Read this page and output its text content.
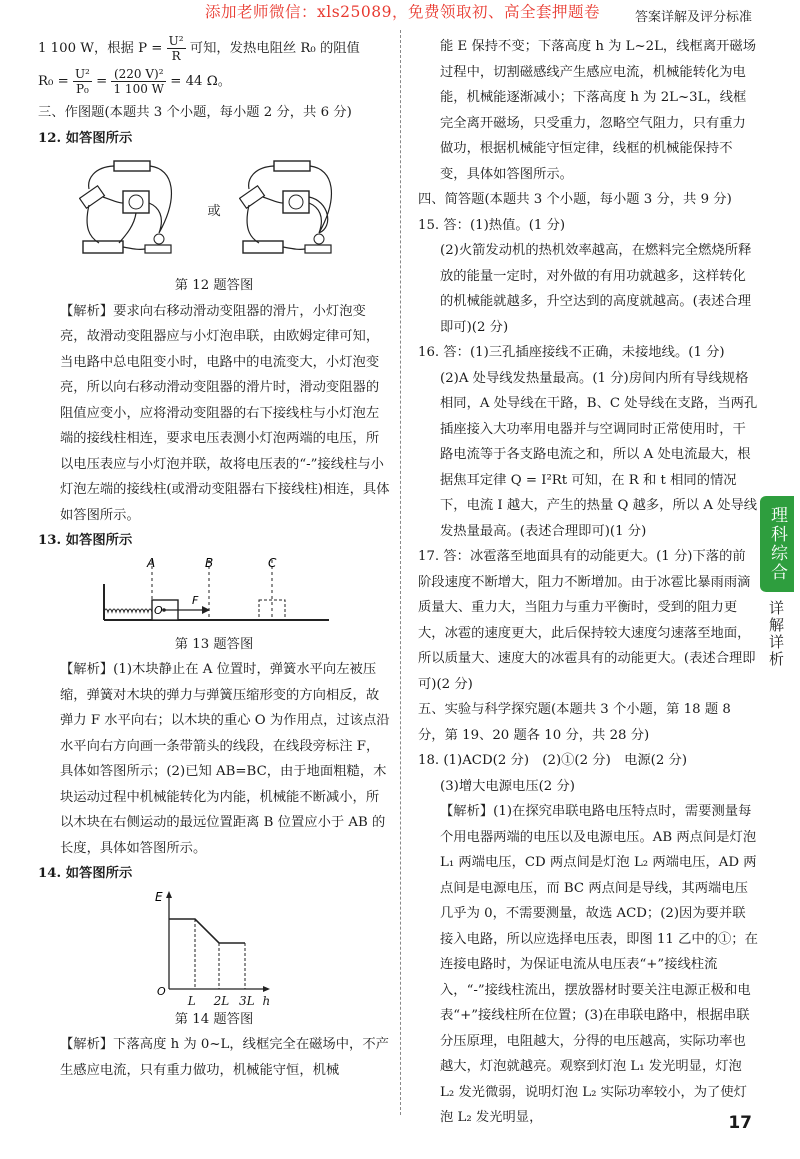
添加老师微信：xls25089，免费领取初、高全套押题卷	答案详解及评分标准

1 100 W，根据 $P = \frac{\text{U²}}{R}$ 可知，发热电阻丝 R₀ 的阻值

$R_0 = \frac{\text{U²}}{\text{P₀}} = \frac{\text{(220 V)²}}{1 100 W} = 44$ Ω。

三、作图题(本题共 3 个小题，每小题 2 分，共 6 分)

12. 如答图所示

或

第 12 题答图

【解析】要求向右移动滑动变阻器的滑片，小灯泡变亮，故滑动变阻器应与小灯泡串联，由欧姆定律可知，当电路中总电阻变小时，电路中的电流变大，小灯泡变亮，所以向右移动滑动变阻器的滑片时，滑动变阻器的阻值应变小，应将滑动变阻器的右下接线柱与小灯泡左端的接线柱相连，要求电压表测小灯泡两端的电压，所以电压表应与小灯泡并联，故将电压表的“-”接线柱与小灯泡左端的接线柱(或滑动变阻器右下接线柱)相连，具体如答图所示。

13. 如答图所示

A	B	C
O
F

第 13 题答图

【解析】(1)木块静止在 A 位置时，弹簧水平向左被压缩，弹簧对木块的弹力与弹簧压缩形变的方向相反，故弹力 F 水平向右；以木块的重心 O 为作用点，过该点沿水平向右方向画一条带箭头的线段，在线段旁标注 F，具体如答图所示；(2)已知 AB=BC，由于地面粗糙，木块运动过程中机械能转化为内能，机械能不断减小，所以木块在右侧运动的最远位置距离 B 位置应小于 AB 的长度，具体如答图所示。

14. 如答图所示

E
O
L 2L 3L h

第 14 题答图

【解析】下落高度 h 为 0~L，线框完全在磁场中，不产生感应电流，只有重力做功，机械能守恒，机械

能 E 保持不变；下落高度 h 为 L~2L，线框离开磁场过程中，切割磁感线产生感应电流，机械能转化为电能，机械能逐渐减小；下落高度 h 为 2L~3L，线框完全离开磁场，只受重力，忽略空气阻力，只有重力做功，根据机械能守恒定律，线框的机械能保持不变，具体如答图所示。

四、简答题(本题共 3 个小题，每小题 3 分，共 9 分)

15. 答：(1)热值。(1 分)

(2)火箭发动机的热机效率越高，在燃料完全燃烧所释放的能量一定时，对外做的有用功就越多，这样转化的机械能就越多，升空达到的高度就越高。(表述合理即可)(2 分)

16. 答：(1)三孔插座接线不正确，未接地线。(1 分)

(2)A 处导线发热量最高。(1 分)房间内所有导线规格相同，A 处导线在干路，B、C 处导线在支路，当两孔插座接入大功率用电器并与空调同时正常使用时，干路电流等于各支路电流之和，所以 A 处电流最大，根据焦耳定律 Q = I²Rt 可知，在 R 和 t 相同的情况下，电流 I 越大，产生的热量 Q 越多，所以 A 处导线发热量最高。(表述合理即可)(1 分)

17. 答：冰雹落至地面具有的动能更大。(1 分)下落的前阶段速度不断增大，阻力不断增加。由于冰雹比暴雨雨滴质量大、重力大，当阻力与重力平衡时，受到的阻力更大，冰雹的速度更大，此后保持较大速度匀速落至地面，所以质量大、速度大的冰雹具有的动能更大。(表述合理即可)(2 分)

五、实验与科学探究题(本题共 3 个小题，第 18 题 8 分，第 19、20 题各 10 分，共 28 分)

18. (1)ACD(2 分)　(2)①(2 分)　电源(2 分)

(3)增大电源电压(2 分)

【解析】(1)在探究串联电路电压特点时，需要测量每个用电器两端的电压以及电源电压。AB 两点间是灯泡 L₁ 两端电压，CD 两点间是灯泡 L₂ 两端电压，AD 两点间是电源电压，而 BC 两点间是导线，其两端电压几乎为 0，不需要测量，故选 ACD；(2)因为要并联接入电路，所以应选择电压表，即图 11 乙中的①；在连接电路时，为保证电流从电压表“+”接线柱流入，“-”接线柱流出，摆放器材时要关注电源正极和电表“+”接线柱所在位置；(3)在串联电路中，根据串联分压原理，电阻越大，分得的电压越高，实际功率也越大，灯泡就越亮。观察到灯泡 L₁ 发光明显，灯泡 L₂ 发光微弱，说明灯泡 L₂ 实际功率较小，为了使灯泡 L₂ 发光明显，

理科综合
详解详析
17
